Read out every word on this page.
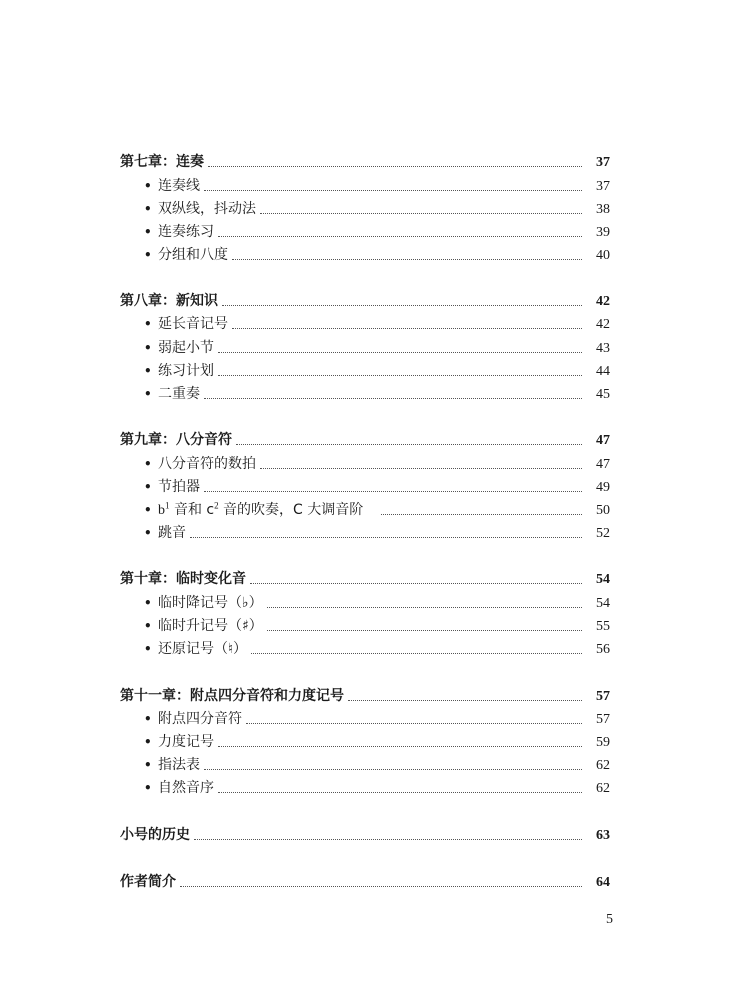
第七章：连奏	37
• 连奏线	37
• 双纵线，抖动法	38
• 连奏练习	39
• 分组和八度	40
第八章：新知识	42
• 延长音记号	42
• 弱起小节	43
• 练习计划	44
• 二重奏	45
第九章：八分音符	47
• 八分音符的数拍	47
• 节拍器	49
• $b^1$ 音和 $c^2$ 音的吹奏，C 大调音阶	50
• 跳音	52
第十章：临时变化音	54
• 临时降记号（♭）	54
• 临时升记号（♯）	55
• 还原记号（♮）	56
第十一章：附点四分音符和力度记号	57
• 附点四分音符	57
• 力度记号	59
• 指法表	62
• 自然音序	62
小号的历史	63
作者简介	64
5
